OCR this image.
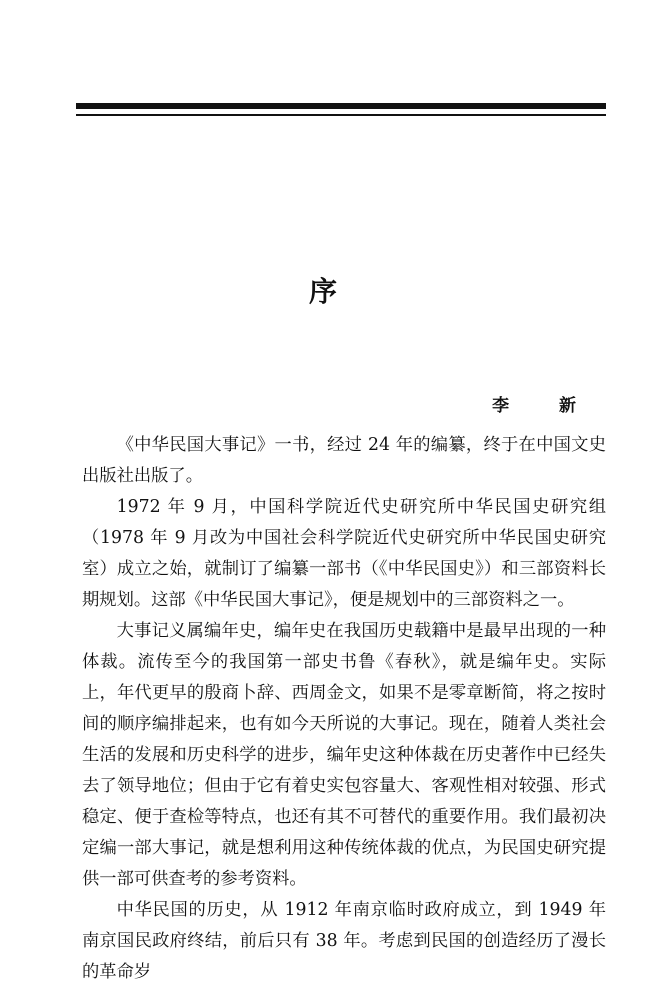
序
李 新

《中华民国大事记》一书，经过 24 年的编纂，终于在中国文史出版社出版了。

1972 年 9 月，中国科学院近代史研究所中华民国史研究组（1978 年 9 月改为中国社会科学院近代史研究所中华民国史研究室）成立之始，就制订了编纂一部书（《中华民国史》）和三部资料长期规划。这部《中华民国大事记》，便是规划中的三部资料之一。

大事记义属编年史，编年史在我国历史载籍中是最早出现的一种体裁。流传至今的我国第一部史书鲁《春秋》，就是编年史。实际上，年代更早的殷商卜辞、西周金文，如果不是零章断简，将之按时间的顺序编排起来，也有如今天所说的大事记。现在，随着人类社会生活的发展和历史科学的进步，编年史这种体裁在历史著作中已经失去了领导地位；但由于它有着史实包容量大、客观性相对较强、形式稳定、便于查检等特点，也还有其不可替代的重要作用。我们最初决定编一部大事记，就是想利用这种传统体裁的优点，为民国史研究提供一部可供查考的参考资料。

中华民国的历史，从 1912 年南京临时政府成立，到 1949 年南京国民政府终结，前后只有 38 年。考虑到民国的创造经历了漫长的革命岁
